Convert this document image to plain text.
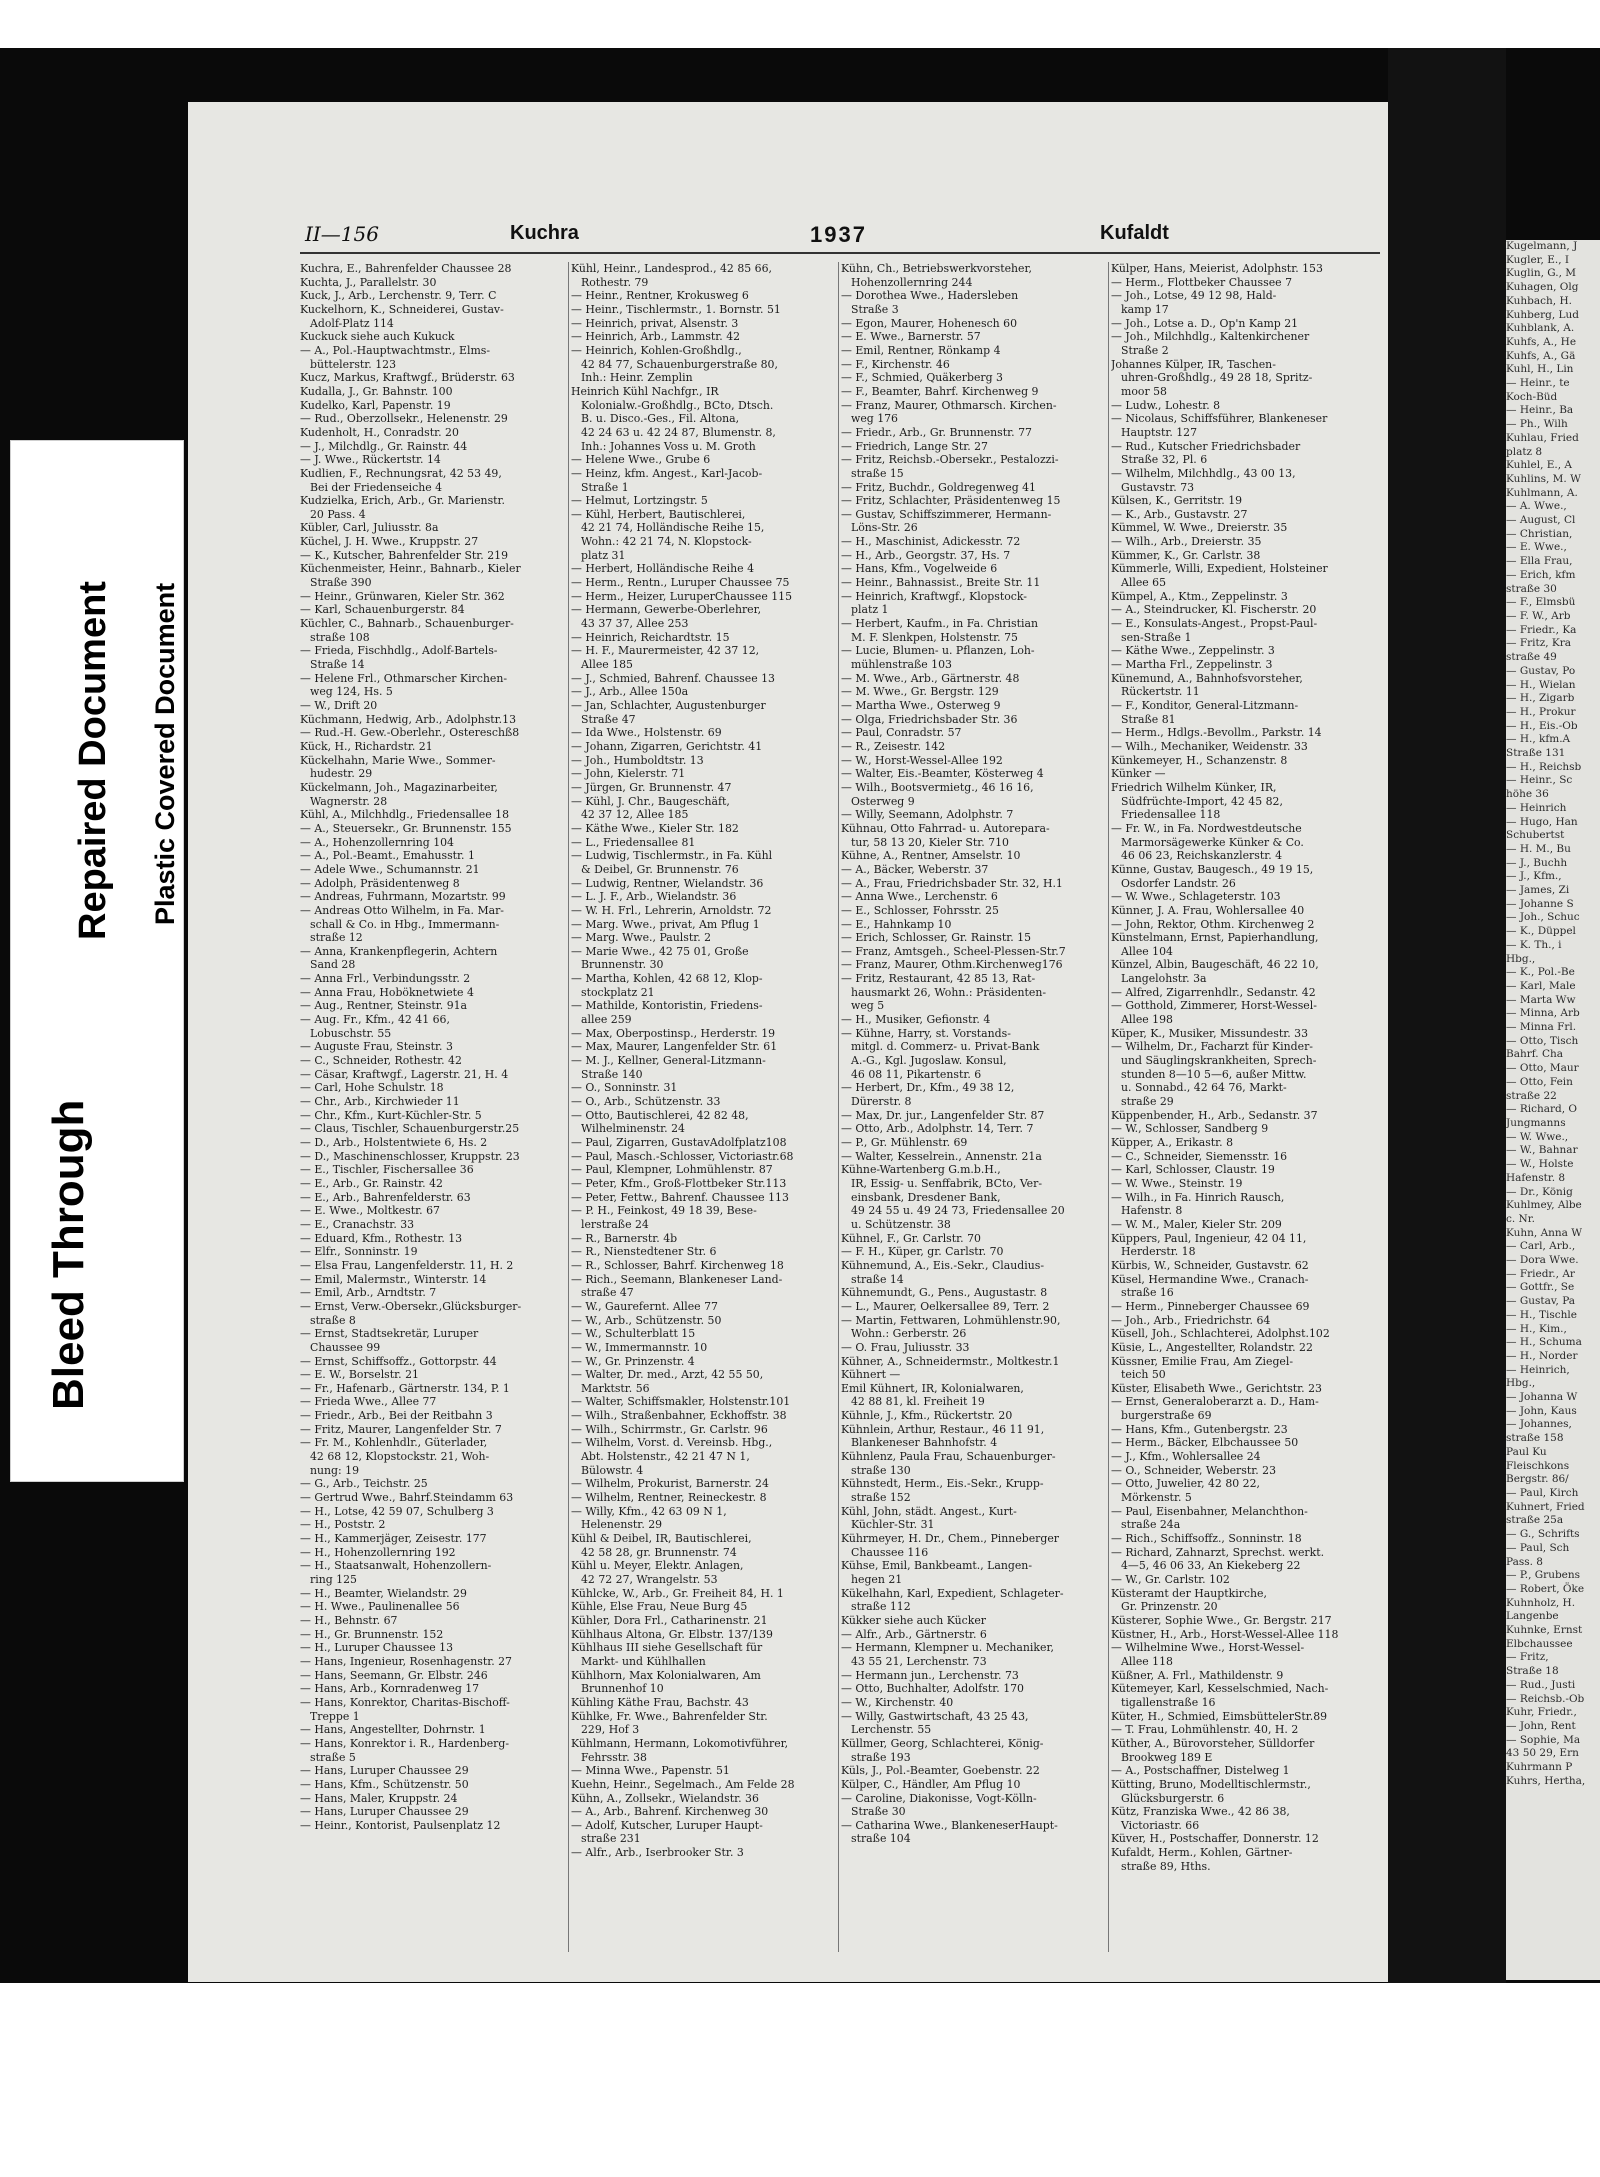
Kugelmann, J
Kugler, E., I
Kuglin, G., M
Kuhagen, Olg
Kuhbach, H.
Kuhberg, Lud
Kuhblank, A.
Kuhfs, A., He
Kuhfs, A., Gä
Kuhl, H., Lin
— Heinr., te
Koch-Büd
— Heinr., Ba
— Ph., Wilh
Kuhlau, Fried
platz 8
Kuhlel, E., A
Kuhlins, M. W
Kuhlmann, A.
— A. Wwe.,
— August, Cl
— Christian,
— E. Wwe.,
— Ella Frau,
— Erich, kfm
straße 30
— F., Elmsbü
— F. W., Arb
— Friedr., Ka
— Fritz, Kra
straße 49
— Gustav, Po
— H., Wielan
— H., Zigarb
— H., Prokur
— H., Eis.-Ob
— H., kfm.A
Straße 131
— H., Reichsb
— Heinr., Sc
höhe 36
— Heinrich
— Hugo, Han
Schubertst
— H. M., Bu
— J., Buchh
— J., Kfm.,
— James, Zi
— Johanne S
— Joh., Schuc
— K., Düppel
— K. Th., i
Hbg.,
— K., Pol.-Be
— Karl, Male
— Marta Ww
— Minna, Arb
— Minna Frl.
— Otto, Tisch
Bahrf. Cha
— Otto, Maur
— Otto, Fein
straße 22
— Richard, O
Jungmanns
— W. Wwe.,
— W., Bahnar
— W., Holste
Hafenstr. 8
— Dr., König
Kuhlmey, Albe
c. Nr.
Kuhn, Anna W
— Carl, Arb.,
— Dora Wwe.
— Friedr., Ar
— Gottfr., Se
— Gustav, Pa
— H., Tischle
— H., Kim.,
— H., Schuma
— H., Norder
— Heinrich,
Hbg.,
— Johanna W
— John, Kaus
— Johannes,
straße 158
Paul Ku
Fleischkons
Bergstr. 86/
— Paul, Kirch
Kuhnert, Fried
straße 25a
— G., Schrifts
— Paul, Sch
Pass. 8
— P., Grubens
— Robert, Öke
Kuhnholz, H.
Langenbe
Kuhnke, Ernst
Elbchaussee
— Fritz,
Straße 18
— Rud., Justi
— Reichsb.-Ob
Kuhr, Friedr.,
— John, Rent
— Sophie, Ma
43 50 29, Ern
Kuhrmann P
Kuhrs, Hertha,
Bleed Through
Repaired Document Plastic Covered Document
II—156	Kuchra	1937	Kufaldt
Kuchra, E., Bahrenfelder Chaussee 28
Kuchta, J., Parallelstr. 30
Kuck, J., Arb., Lerchenstr. 9, Terr. C
Kuckelhorn, K., Schneiderei, Gustav-
Adolf-Platz 114
Kuckuck siehe auch Kukuck
— A., Pol.-Hauptwachtmstr., Elms-
büttelerstr. 123
Kucz, Markus, Kraftwgf., Brüderstr. 63
Kudalla, J., Gr. Bahnstr. 100
Kudelko, Karl, Papenstr. 19
— Rud., Oberzollsekr., Helenenstr. 29
Kudenholt, H., Conradstr. 20
— J., Milchdlg., Gr. Rainstr. 44
— J. Wwe., Rückertstr. 14
Kudlien, F., Rechnungsrat, 42 53 49,
Bei der Friedenseiche 4
Kudzielka, Erich, Arb., Gr. Marienstr.
20 Pass. 4
Kübler, Carl, Juliusstr. 8a
Küchel, J. H. Wwe., Kruppstr. 27
— K., Kutscher, Bahrenfelder Str. 219
Küchenmeister, Heinr., Bahnarb., Kieler
Straße 390
— Heinr., Grünwaren, Kieler Str. 362
— Karl, Schauenburgerstr. 84
Küchler, C., Bahnarb., Schauenburger-
straße 108
— Frieda, Fischhdlg., Adolf-Bartels-
Straße 14
— Helene Frl., Othmarscher Kirchen-
weg 124, Hs. 5
— W., Drift 20
Küchmann, Hedwig, Arb., Adolphstr.13
— Rud.-H. Gew.-Oberlehr., Ostereschß8
Kück, H., Richardstr. 21
Kückelhahn, Marie Wwe., Sommer-
hudestr. 29
Kückelmann, Joh., Magazinarbeiter,
Wagnerstr. 28
Kühl, A., Milchhdlg., Friedensallee 18
— A., Steuersekr., Gr. Brunnenstr. 155
— A., Hohenzollernring 104
— A., Pol.-Beamt., Emahusstr. 1
— Adele Wwe., Schumannstr. 21
— Adolph, Präsidentenweg 8
— Andreas, Fuhrmann, Mozartstr. 99
— Andreas Otto Wilhelm, in Fa. Mar-
schall & Co. in Hbg., Immermann-
straße 12
— Anna, Krankenpflegerin, Achtern
Sand 28
— Anna Frl., Verbindungsstr. 2
— Anna Frau, Hoböknetwiete 4
— Aug., Rentner, Steinstr. 91a
— Aug. Fr., Kfm., 42 41 66,
Lobuschstr. 55
— Auguste Frau, Steinstr. 3
— C., Schneider, Rothestr. 42
— Cäsar, Kraftwgf., Lagerstr. 21, H. 4
— Carl, Hohe Schulstr. 18
— Chr., Arb., Kirchwieder 11
— Chr., Kfm., Kurt-Küchler-Str. 5
— Claus, Tischler, Schauenburgerstr.25
— D., Arb., Holstentwiete 6, Hs. 2
— D., Maschinenschlosser, Kruppstr. 23
— E., Tischler, Fischersallee 36
— E., Arb., Gr. Rainstr. 42
— E., Arb., Bahrenfelderstr. 63
— E. Wwe., Moltkestr. 67
— E., Cranachstr. 33
— Eduard, Kfm., Rothestr. 13
— Elfr., Sonninstr. 19
— Elsa Frau, Langenfelderstr. 11, H. 2
— Emil, Malermstr., Winterstr. 14
— Emil, Arb., Arndtstr. 7
— Ernst, Verw.-Obersekr.,Glücksburger-
straße 8
— Ernst, Stadtsekretär, Luruper
Chaussee 99
— Ernst, Schiffsoffz., Gottorpstr. 44
— E. W., Borselstr. 21
— Fr., Hafenarb., Gärtnerstr. 134, P. 1
— Frieda Wwe., Allee 77
— Friedr., Arb., Bei der Reitbahn 3
— Fritz, Maurer, Langenfelder Str. 7
— Fr. M., Kohlenhdlr., Güterlader,
42 68 12, Klopstockstr. 21, Woh-
nung: 19
— G., Arb., Teichstr. 25
— Gertrud Wwe., Bahrf.Steindamm 63
— H., Lotse, 42 59 07, Schulberg 3
— H., Poststr. 2
— H., Kammerjäger, Zeisestr. 177
— H., Hohenzollernring 192
— H., Staatsanwalt, Hohenzollern-
ring 125
— H., Beamter, Wielandstr. 29
— H. Wwe., Paulinenallee 56
— H., Behnstr. 67
— H., Gr. Brunnenstr. 152
— H., Luruper Chaussee 13
— Hans, Ingenieur, Rosenhagenstr. 27
— Hans, Seemann, Gr. Elbstr. 246
— Hans, Arb., Kornradenweg 17
— Hans, Konrektor, Charitas-Bischoff-
Treppe 1
— Hans, Angestellter, Dohrnstr. 1
— Hans, Konrektor i. R., Hardenberg-
straße 5
— Hans, Luruper Chaussee 29
— Hans, Kfm., Schützenstr. 50
— Hans, Maler, Kruppstr. 24
— Hans, Luruper Chaussee 29
— Heinr., Kontorist, Paulsenplatz 12
Kühl, Heinr., Landesprod., 42 85 66,
Rothestr. 79
— Heinr., Rentner, Krokusweg 6
— Heinr., Tischlermstr., 1. Bornstr. 51
— Heinrich, privat, Alsenstr. 3
— Heinrich, Arb., Lammstr. 42
— Heinrich, Kohlen-Großhdlg.,
42 84 77, Schauenburgerstraße 80,
Inh.: Heinr. Zemplin
Heinrich Kühl Nachfgr., IR
Kolonialw.-Großhdlg., BCto, Dtsch.
B. u. Disco.-Ges., Fil. Altona,
42 24 63 u. 42 24 87, Blumenstr. 8,
Inh.: Johannes Voss u. M. Groth
— Helene Wwe., Grube 6
— Heinz, kfm. Angest., Karl-Jacob-
Straße 1
— Helmut, Lortzingstr. 5
— Kühl, Herbert, Bautischlerei,
42 21 74, Holländische Reihe 15,
Wohn.: 42 21 74, N. Klopstock-
platz 31
— Herbert, Holländische Reihe 4
— Herm., Rentn., Luruper Chaussee 75
— Herm., Heizer, LuruperChaussee 115
— Hermann, Gewerbe-Oberlehrer,
43 37 37, Allee 253
— Heinrich, Reichardtstr. 15
— H. F., Maurermeister, 42 37 12,
Allee 185
— J., Schmied, Bahrenf. Chaussee 13
— J., Arb., Allee 150a
— Jan, Schlachter, Augustenburger
Straße 47
— Ida Wwe., Holstenstr. 69
— Johann, Zigarren, Gerichtstr. 41
— Joh., Humboldtstr. 13
— John, Kielerstr. 71
— Jürgen, Gr. Brunnenstr. 47
— Kühl, J. Chr., Baugeschäft,
42 37 12, Allee 185
— Käthe Wwe., Kieler Str. 182
— L., Friedensallee 81
— Ludwig, Tischlermstr., in Fa. Kühl
& Deibel, Gr. Brunnenstr. 76
— Ludwig, Rentner, Wielandstr. 36
— L. J. F., Arb., Wielandstr. 36
— W. H. Frl., Lehrerin, Arnoldstr. 72
— Marg. Wwe., privat, Am Pflug 1
— Marg. Wwe., Paulstr. 2
— Marie Wwe., 42 75 01, Große
Brunnenstr. 30
— Martha, Kohlen, 42 68 12, Klop-
stockplatz 21
— Mathilde, Kontoristin, Friedens-
allee 259
— Max, Oberpostinsp., Herderstr. 19
— Max, Maurer, Langenfelder Str. 61
— M. J., Kellner, General-Litzmann-
Straße 140
— O., Sonninstr. 31
— O., Arb., Schützenstr. 33
— Otto, Bautischlerei, 42 82 48,
Wilhelminenstr. 24
— Paul, Zigarren, GustavAdolfplatz108
— Paul, Masch.-Schlosser, Victoriastr.68
— Paul, Klempner, Lohmühlenstr. 87
— Peter, Kfm., Groß-Flottbeker Str.113
— Peter, Fettw., Bahrenf. Chaussee 113
— P. H., Feinkost, 49 18 39, Bese-
lerstraße 24
— R., Barnerstr. 4b
— R., Nienstedtener Str. 6
— R., Schlosser, Bahrf. Kirchenweg 18
— Rich., Seemann, Blankeneser Land-
straße 47
— W., Gaurefernt. Allee 77
— W., Arb., Schützenstr. 50
— W., Schulterblatt 15
— W., Immermannstr. 10
— W., Gr. Prinzenstr. 4
— Walter, Dr. med., Arzt, 42 55 50,
Marktstr. 56
— Walter, Schiffsmakler, Holstenstr.101
— Wilh., Straßenbahner, Eckhoffstr. 38
— Wilh., Schirrmstr., Gr. Carlstr. 96
— Wilhelm, Vorst. d. Vereinsb. Hbg.,
Abt. Holstenstr., 42 21 47 N 1,
Bülowstr. 4
— Wilhelm, Prokurist, Barnerstr. 24
— Wilhelm, Rentner, Reineckestr. 8
— Willy, Kfm., 42 63 09 N 1,
Helenenstr. 29
Kühl & Deibel, IR, Bautischlerei,
42 58 28, gr. Brunnenstr. 74
Kühl u. Meyer, Elektr. Anlagen,
42 72 27, Wrangelstr. 53
Kühlcke, W., Arb., Gr. Freiheit 84, H. 1
Kühle, Else Frau, Neue Burg 45
Kühler, Dora Frl., Catharinenstr. 21
Kühlhaus Altona, Gr. Elbstr. 137/139
Kühlhaus III siehe Gesellschaft für
Markt- und Kühlhallen
Kühlhorn, Max Kolonialwaren, Am
Brunnenhof 10
Kühling Käthe Frau, Bachstr. 43
Kühlke, Fr. Wwe., Bahrenfelder Str.
229, Hof 3
Kühlmann, Hermann, Lokomotivführer,
Fehrsstr. 38
— Minna Wwe., Papenstr. 51
Kuehn, Heinr., Segelmach., Am Felde 28
Kühn, A., Zollsekr., Wielandstr. 36
— A., Arb., Bahrenf. Kirchenweg 30
— Adolf, Kutscher, Luruper Haupt-
straße 231
— Alfr., Arb., Iserbrooker Str. 3
Kühn, Ch., Betriebswerkvorsteher,
Hohenzollernring 244
— Dorothea Wwe., Hadersleben
Straße 3
— Egon, Maurer, Hohenesch 60
— E. Wwe., Barnerstr. 57
— Emil, Rentner, Rönkamp 4
— F., Kirchenstr. 46
— F., Schmied, Quäkerberg 3
— F., Beamter, Bahrf. Kirchenweg 9
— Franz, Maurer, Othmarsch. Kirchen-
weg 176
— Friedr., Arb., Gr. Brunnenstr. 77
— Friedrich, Lange Str. 27
— Fritz, Reichsb.-Obersekr., Pestalozzi-
straße 15
— Fritz, Buchdr., Goldregenweg 41
— Fritz, Schlachter, Präsidentenweg 15
— Gustav, Schiffszimmerer, Hermann-
Löns-Str. 26
— H., Maschinist, Adickesstr. 72
— H., Arb., Georgstr. 37, Hs. 7
— Hans, Kfm., Vogelweide 6
— Heinr., Bahnassist., Breite Str. 11
— Heinrich, Kraftwgf., Klopstock-
platz 1
— Herbert, Kaufm., in Fa. Christian
M. F. Slenkpen, Holstenstr. 75
— Lucie, Blumen- u. Pflanzen, Loh-
mühlenstraße 103
— M. Wwe., Arb., Gärtnerstr. 48
— M. Wwe., Gr. Bergstr. 129
— Martha Wwe., Osterweg 9
— Olga, Friedrichsbader Str. 36
— Paul, Conradstr. 57
— R., Zeisestr. 142
— W., Horst-Wessel-Allee 192
— Walter, Eis.-Beamter, Kösterweg 4
— Wilh., Bootsvermietg., 46 16 16,
Osterweg 9
— Willy, Seemann, Adolphstr. 7
Kühnau, Otto Fahrrad- u. Autorepara-
tur, 58 13 20, Kieler Str. 710
Kühne, A., Rentner, Amselstr. 10
— A., Bäcker, Weberstr. 37
— A., Frau, Friedrichsbader Str. 32, H.1
— Anna Wwe., Lerchenstr. 6
— E., Schlosser, Fohrsstr. 25
— E., Hahnkamp 10
— Erich, Schlosser, Gr. Rainstr. 15
— Franz, Amtsgeh., Scheel-Plessen-Str.7
— Franz, Maurer, Othm.Kirchenweg176
— Fritz, Restaurant, 42 85 13, Rat-
hausmarkt 26, Wohn.: Präsidenten-
weg 5
— H., Musiker, Gefionstr. 4
— Kühne, Harry, st. Vorstands-
mitgl. d. Commerz- u. Privat-Bank
A.-G., Kgl. Jugoslaw. Konsul,
46 08 11, Pikartenstr. 6
— Herbert, Dr., Kfm., 49 38 12,
Dürerstr. 8
— Max, Dr. jur., Langenfelder Str. 87
— Otto, Arb., Adolphstr. 14, Terr. 7
— P., Gr. Mühlenstr. 69
— Walter, Kesselrein., Annenstr. 21a
Kühne-Wartenberg G.m.b.H.,
IR, Essig- u. Senffabrik, BCto, Ver-
einsbank, Dresdener Bank,
49 24 55 u. 49 24 73, Friedensallee 20
u. Schützenstr. 38
Kühnel, F., Gr. Carlstr. 70
— F. H., Küper, gr. Carlstr. 70
Kühnemund, A., Eis.-Sekr., Claudius-
straße 14
Kühnemundt, G., Pens., Augustastr. 8
— L., Maurer, Oelkersallee 89, Terr. 2
— Martin, Fettwaren, Lohmühlenstr.90,
Wohn.: Gerberstr. 26
— O. Frau, Juliusstr. 33
Kühner, A., Schneidermstr., Moltkestr.1
Kühnert —
Emil Kühnert, IR, Kolonialwaren,
42 88 81, kl. Freiheit 19
Kühnle, J., Kfm., Rückertstr. 20
Kühnlein, Arthur, Restaur., 46 11 91,
Blankeneser Bahnhofstr. 4
Kühnlenz, Paula Frau, Schauenburger-
straße 130
Kühnstedt, Herm., Eis.-Sekr., Krupp-
straße 152
Kühl, John, städt. Angest., Kurt-
Küchler-Str. 31
Kührmeyer, H. Dr., Chem., Pinneberger
Chaussee 116
Kühse, Emil, Bankbeamt., Langen-
hegen 21
Kükelhahn, Karl, Expedient, Schlageter-
straße 112
Kükker siehe auch Kücker
— Alfr., Arb., Gärtnerstr. 6
— Hermann, Klempner u. Mechaniker,
43 55 21, Lerchenstr. 73
— Hermann jun., Lerchenstr. 73
— Otto, Buchhalter, Adolfstr. 170
— W., Kirchenstr. 40
— Willy, Gastwirtschaft, 43 25 43,
Lerchenstr. 55
Küllmer, Georg, Schlachterei, König-
straße 193
Küls, J., Pol.-Beamter, Goebenstr. 22
Külper, C., Händler, Am Pflug 10
— Caroline, Diakonisse, Vogt-Kölln-
Straße 30
— Catharina Wwe., BlankeneserHaupt-
straße 104
Külper, Hans, Meierist, Adolphstr. 153
— Herm., Flottbeker Chaussee 7
— Joh., Lotse, 49 12 98, Hald-
kamp 17
— Joh., Lotse a. D., Op'n Kamp 21
— Joh., Milchhdlg., Kaltenkirchener
Straße 2
Johannes Külper, IR, Taschen-
uhren-Großhdlg., 49 28 18, Spritz-
moor 58
— Ludw., Lohestr. 8
— Nicolaus, Schiffsführer, Blankeneser
Hauptstr. 127
— Rud., Kutscher Friedrichsbader
Straße 32, Pl. 6
— Wilhelm, Milchhdlg., 43 00 13,
Gustavstr. 73
Külsen, K., Gerritstr. 19
— K., Arb., Gustavstr. 27
Kümmel, W. Wwe., Dreierstr. 35
— Wilh., Arb., Dreierstr. 35
Kümmer, K., Gr. Carlstr. 38
Kümmerle, Willi, Expedient, Holsteiner
Allee 65
Kümpel, A., Ktm., Zeppelinstr. 3
— A., Steindrucker, Kl. Fischerstr. 20
— E., Konsulats-Angest., Propst-Paul-
sen-Straße 1
— Käthe Wwe., Zeppelinstr. 3
— Martha Frl., Zeppelinstr. 3
Künemund, A., Bahnhofsvorsteher,
Rückertstr. 11
— F., Konditor, General-Litzmann-
Straße 81
— Herm., Hdlgs.-Bevollm., Parkstr. 14
— Wilh., Mechaniker, Weidenstr. 33
Künkemeyer, H., Schanzenstr. 8
Künker —
Friedrich Wilhelm Künker, IR,
Südfrüchte-Import, 42 45 82,
Friedensallee 118
— Fr. W., in Fa. Nordwestdeutsche
Marmorsägewerke Künker & Co.
46 06 23, Reichskanzlerstr. 4
Künne, Gustav, Baugesch., 49 19 15,
Osdorfer Landstr. 26
— W. Wwe., Schlageterstr. 103
Künner, J. A. Frau, Wohlersallee 40
— John, Rektor, Othm. Kirchenweg 2
Künstelmann, Ernst, Papierhandlung,
Allee 104
Künzel, Albin, Baugeschäft, 46 22 10,
Langelohstr. 3a
— Alfred, Zigarrenhdlr., Sedanstr. 42
— Gotthold, Zimmerer, Horst-Wessel-
Allee 198
Küper, K., Musiker, Missundestr. 33
— Wilhelm, Dr., Facharzt für Kinder-
und Säuglingskrankheiten, Sprech-
stunden 8—10 5—6, außer Mittw.
u. Sonnabd., 42 64 76, Markt-
straße 29
Küppenbender, H., Arb., Sedanstr. 37
— W., Schlosser, Sandberg 9
Küpper, A., Erikastr. 8
— C., Schneider, Siemensstr. 16
— Karl, Schlosser, Claustr. 19
— W. Wwe., Steinstr. 19
— Wilh., in Fa. Hinrich Rausch,
Hafenstr. 8
— W. M., Maler, Kieler Str. 209
Küppers, Paul, Ingenieur, 42 04 11,
Herderstr. 18
Kürbis, W., Schneider, Gustavstr. 62
Küsel, Hermandine Wwe., Cranach-
straße 16
— Herm., Pinneberger Chaussee 69
— Joh., Arb., Friedrichstr. 64
Küsell, Joh., Schlachterei, Adolphst.102
Küsie, L., Angestellter, Rolandstr. 22
Küssner, Emilie Frau, Am Ziegel-
teich 50
Küster, Elisabeth Wwe., Gerichtstr. 23
— Ernst, Generaloberarzt a. D., Ham-
burgerstraße 69
— Hans, Kfm., Gutenbergstr. 23
— Herm., Bäcker, Elbchaussee 50
— J., Kfm., Wohlersallee 24
— O., Schneider, Weberstr. 23
— Otto, Juwelier, 42 80 22,
Mörkenstr. 5
— Paul, Eisenbahner, Melanchthon-
straße 24a
— Rich., Schiffsoffz., Sonninstr. 18
— Richard, Zahnarzt, Sprechst. werkt.
4—5, 46 06 33, An Kiekeberg 22
— W., Gr. Carlstr. 102
Küsteramt der Hauptkirche,
Gr. Prinzenstr. 20
Küsterer, Sophie Wwe., Gr. Bergstr. 217
Küstner, H., Arb., Horst-Wessel-Allee 118
— Wilhelmine Wwe., Horst-Wessel-
Allee 118
Küßner, A. Frl., Mathildenstr. 9
Kütemeyer, Karl, Kesselschmied, Nach-
tigallenstraße 16
Küter, H., Schmied, EimsbüttelerStr.89
— T. Frau, Lohmühlenstr. 40, H. 2
Küther, A., Bürovorsteher, Sülldorfer
Brookweg 189 E
— A., Postschaffner, Distelweg 1
Kütting, Bruno, Modelltischlermstr.,
Glücksburgerstr. 6
Kütz, Franziska Wwe., 42 86 38,
Victoriastr. 66
Küver, H., Postschaffer, Donnerstr. 12
Kufaldt, Herm., Kohlen, Gärtner-
straße 89, Hths.
